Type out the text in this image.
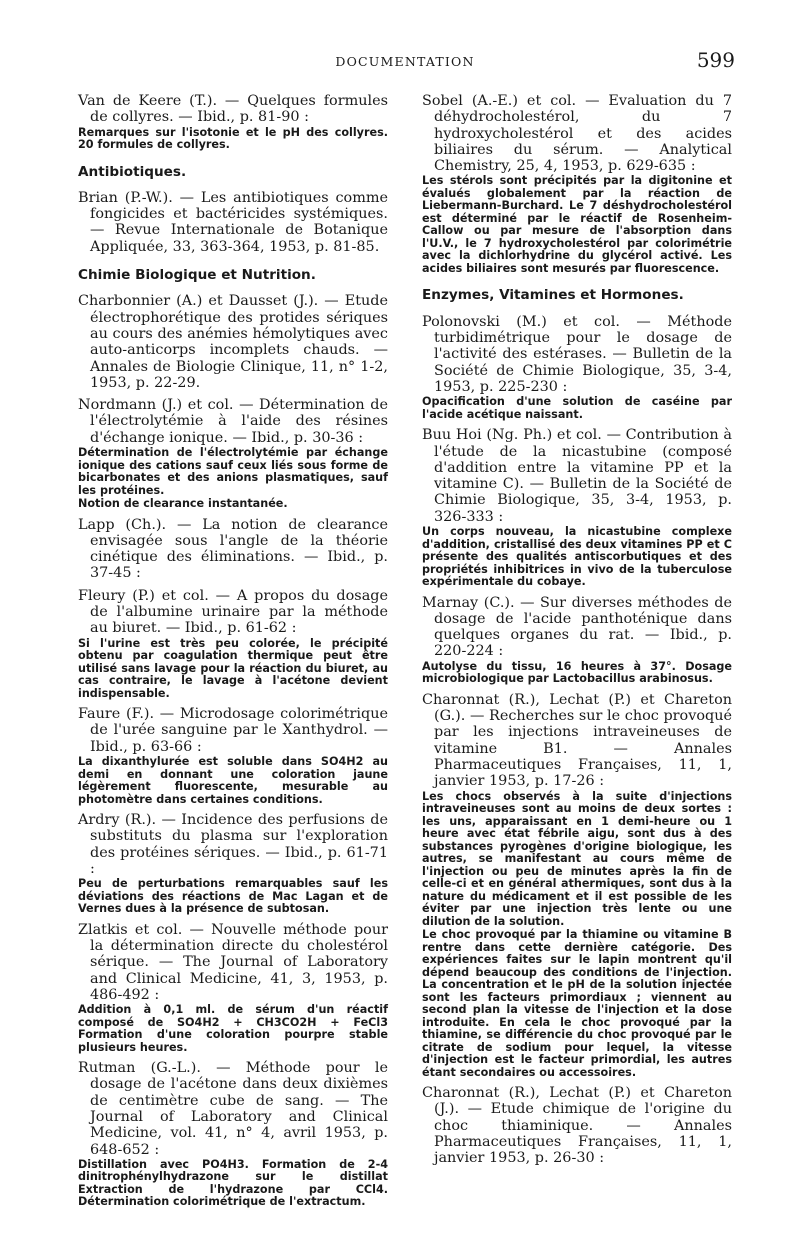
DOCUMENTATION	599
Van de Keere (T.). — Quelques formules de collyres. — Ibid., p. 81-90 :
Remarques sur l'isotonie et le pH des collyres. 20 formules de collyres.
Antibiotiques.
Brian (P.-W.). — Les antibiotiques comme fongicides et bactéricides systémiques. — Revue Internationale de Botanique Appliquée, 33, 363-364, 1953, p. 81-85.
Chimie Biologique et Nutrition.
Charbonnier (A.) et Dausset (J.). — Etude électrophorétique des protides sériques au cours des anémies hémolytiques avec auto-anticorps incomplets chauds. — Annales de Biologie Clinique, 11, n° 1-2, 1953, p. 22-29.
Nordmann (J.) et col. — Détermination de l'électrolytémie à l'aide des résines d'échange ionique. — Ibid., p. 30-36 :
Détermination de l'électrolytémie par échange ionique des cations sauf ceux liés sous forme de bicarbonates et des anions plasmatiques, sauf les protéines.
Notion de clearance instantanée.
Lapp (Ch.). — La notion de clearance envisagée sous l'angle de la théorie cinétique des éliminations. — Ibid., p. 37-45 :
Fleury (P.) et col. — A propos du dosage de l'albumine urinaire par la méthode au biuret. — Ibid., p. 61-62 :
Si l'urine est très peu colorée, le précipité obtenu par coagulation thermique peut être utilisé sans lavage pour la réaction du biuret, au cas contraire, le lavage à l'acétone devient indispensable.
Faure (F.). — Microdosage colorimétrique de l'urée sanguine par le Xanthydrol. — Ibid., p. 63-66 :
La dixanthylurée est soluble dans SO4H2 au demi en donnant une coloration jaune légèrement fluorescente, mesurable au photomètre dans certaines conditions.
Ardry (R.). — Incidence des perfusions de substituts du plasma sur l'exploration des protéines sériques. — Ibid., p. 61-71 :
Peu de perturbations remarquables sauf les déviations des réactions de Mac Lagan et de Vernes dues à la présence de subtosan.
Zlatkis et col. — Nouvelle méthode pour la détermination directe du cholestérol sérique. — The Journal of Laboratory and Clinical Medicine, 41, 3, 1953, p. 486-492 :
Addition à 0,1 ml. de sérum d'un réactif composé de SO4H2 + CH3CO2H + FeCl3 Formation d'une coloration pourpre stable plusieurs heures.
Rutman (G.-L.). — Méthode pour le dosage de l'acétone dans deux dixièmes de centimètre cube de sang. — The Journal of Laboratory and Clinical Medicine, vol. 41, n° 4, avril 1953, p. 648-652 :
Distillation avec PO4H3. Formation de 2-4 dinitrophénylhydrazone sur le distillat Extraction de l'hydrazone par CCl4. Détermination colorimétrique de l'extractum.
Sobel (A.-E.) et col. — Evaluation du 7 déhydrocholestérol, du 7 hydroxycholestérol et des acides biliaires du sérum. — Analytical Chemistry, 25, 4, 1953, p. 629-635 :
Les stérols sont précipités par la digitonine et évalués globalement par la réaction de Liebermann-Burchard. Le 7 déshydrocholestérol est déterminé par le réactif de Rosenheim-Callow ou par mesure de l'absorption dans l'U.V., le 7 hydroxycholestérol par colorimétrie avec la dichlorhydrine du glycérol activé. Les acides biliaires sont mesurés par fluorescence.
Enzymes, Vitamines et Hormones.
Polonovski (M.) et col. — Méthode turbidimétrique pour le dosage de l'activité des estérases. — Bulletin de la Société de Chimie Biologique, 35, 3-4, 1953, p. 225-230 :
Opacification d'une solution de caséine par l'acide acétique naissant.
Buu Hoi (Ng. Ph.) et col. — Contribution à l'étude de la nicastubine (composé d'addition entre la vitamine PP et la vitamine C). — Bulletin de la Société de Chimie Biologique, 35, 3-4, 1953, p. 326-333 :
Un corps nouveau, la nicastubine complexe d'addition, cristallisé des deux vitamines PP et C présente des qualités antiscorbutiques et des propriétés inhibitrices in vivo de la tuberculose expérimentale du cobaye.
Marnay (C.). — Sur diverses méthodes de dosage de l'acide panthoténique dans quelques organes du rat. — Ibid., p. 220-224 :
Autolyse du tissu, 16 heures à 37°. Dosage microbiologique par Lactobacillus arabinosus.
Charonnat (R.), Lechat (P.) et Chareton (G.). — Recherches sur le choc provoqué par les injections intraveineuses de vitamine B1. — Annales Pharmaceutiques Françaises, 11, 1, janvier 1953, p. 17-26 :
Les chocs observés à la suite d'injections intraveineuses sont au moins de deux sortes : les uns, apparaissant en 1 demi-heure ou 1 heure avec état fébrile aigu, sont dus à des substances pyrogènes d'origine biologique, les autres, se manifestant au cours même de l'injection ou peu de minutes après la fin de celle-ci et en général athermiques, sont dus à la nature du médicament et il est possible de les éviter par une injection très lente ou une dilution de la solution.
Le choc provoqué par la thiamine ou vitamine B rentre dans cette dernière catégorie. Des expériences faites sur le lapin montrent qu'il dépend beaucoup des conditions de l'injection. La concentration et le pH de la solution injectée sont les facteurs primordiaux ; viennent au second plan la vitesse de l'injection et la dose introduite. En cela le choc provoqué par la thiamine, se différencie du choc provoqué par le citrate de sodium pour lequel, la vitesse d'injection est le facteur primordial, les autres étant secondaires ou accessoires.
Charonnat (R.), Lechat (P.) et Chareton (J.). — Etude chimique de l'origine du choc thiaminique. — Annales Pharmaceutiques Françaises, 11, 1, janvier 1953, p. 26-30 :
